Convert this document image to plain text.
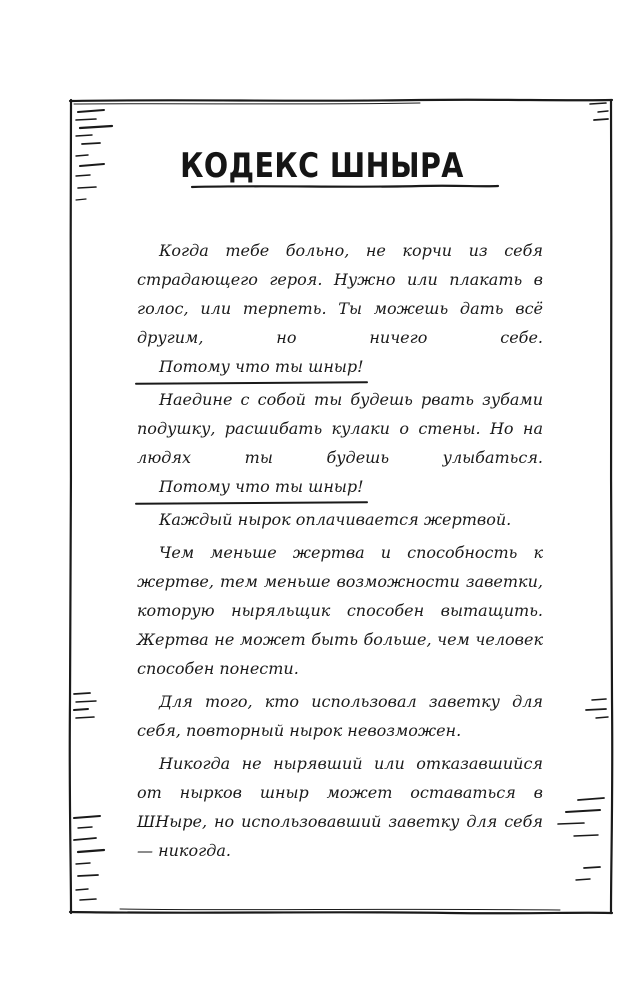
КОДЕКС ШНЫРА

Когда тебе больно, не корчи из себя страдающего героя. Нужно или плакать в голос, или терпеть. Ты можешь дать всё другим, но ничего себе. Потому что ты шныр!

Наедине с собой ты будешь рвать зубами подушку, расшибать кулаки о стены. Но на людях ты будешь улыбаться. Потому что ты шныр!

Каждый нырок оплачивается жертвой.

Чем меньше жертва и способность к жертве, тем меньше возможности заветки, которую ныряльщик способен вытащить. Жертва не может быть больше, чем человек способен понести.

Для того, кто использовал заветку для себя, повторный нырок невозможен.

Никогда не нырявший или отказавшийся от нырков шныр может оставаться в ШНыре, но использовавший заветку для себя — никогда.
